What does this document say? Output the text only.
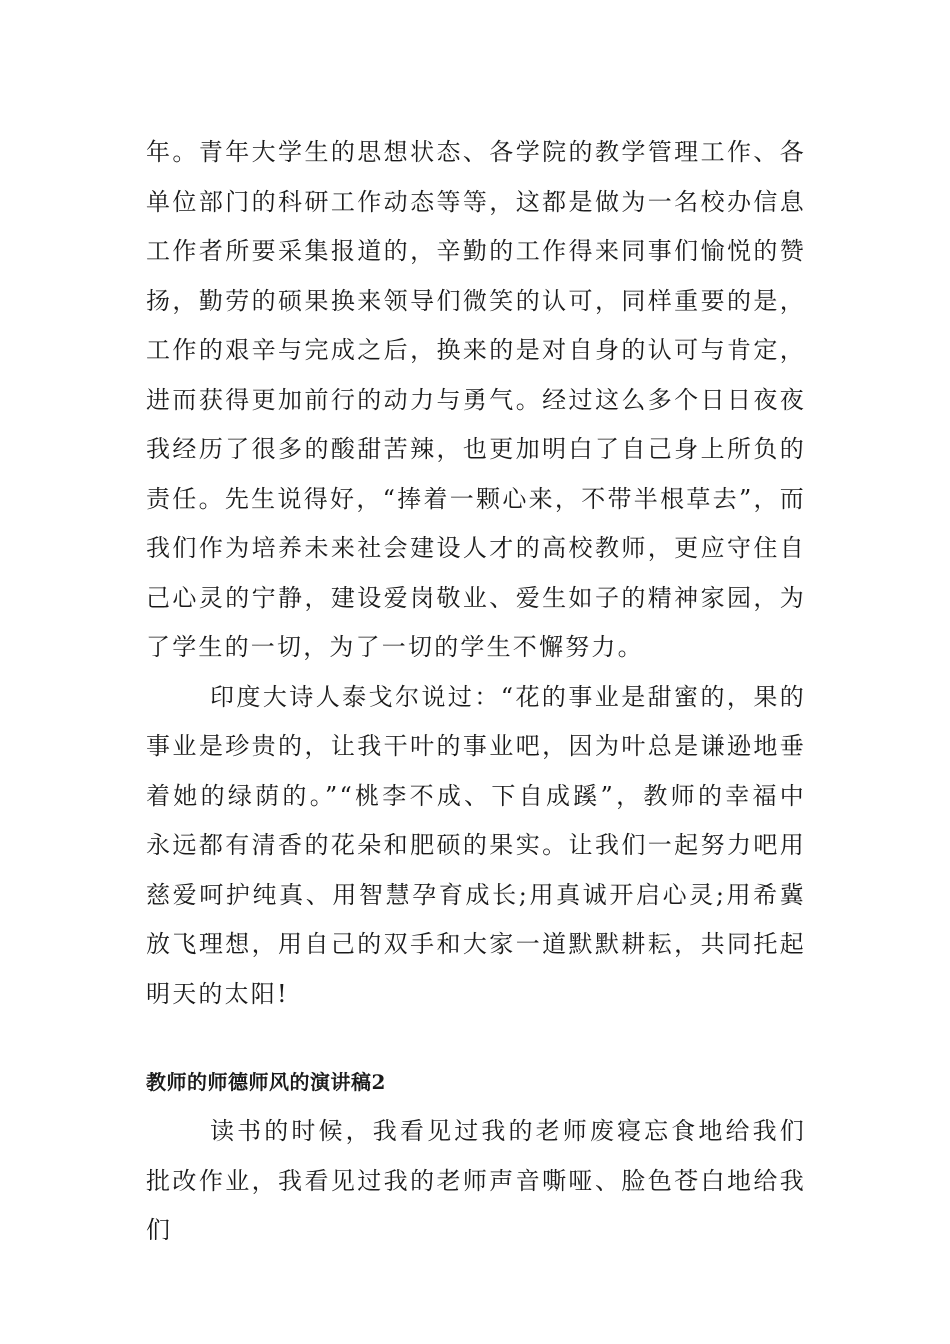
年。青年大学生的思想状态、各学院的教学管理工作、各单位部门的科研工作动态等等，这都是做为一名校办信息工作者所要采集报道的，辛勤的工作得来同事们愉悦的赞扬，勤劳的硕果换来领导们微笑的认可，同样重要的是，工作的艰辛与完成之后，换来的是对自身的认可与肯定，进而获得更加前行的动力与勇气。经过这么多个日日夜夜我经历了很多的酸甜苦辣，也更加明白了自己身上所负的责任。先生说得好，“捧着一颗心来，不带半根草去”，而我们作为培养未来社会建设人才的高校教师，更应守住自己心灵的宁静，建设爱岗敬业、爱生如子的精神家园，为了学生的一切，为了一切的学生不懈努力。

印度大诗人泰戈尔说过：“花的事业是甜蜜的，果的事业是珍贵的，让我干叶的事业吧，因为叶总是谦逊地垂着她的绿荫的。”“桃李不成、下自成蹊”，教师的幸福中永远都有清香的花朵和肥硕的果实。让我们一起努力吧用慈爱呵护纯真、用智慧孕育成长;用真诚开启心灵;用希冀放飞理想，用自己的双手和大家一道默默耕耘，共同托起明天的太阳!

教师的师德师风的演讲稿2

读书的时候，我看见过我的老师废寝忘食地给我们批改作业，我看见过我的老师声音嘶哑、脸色苍白地给我们
